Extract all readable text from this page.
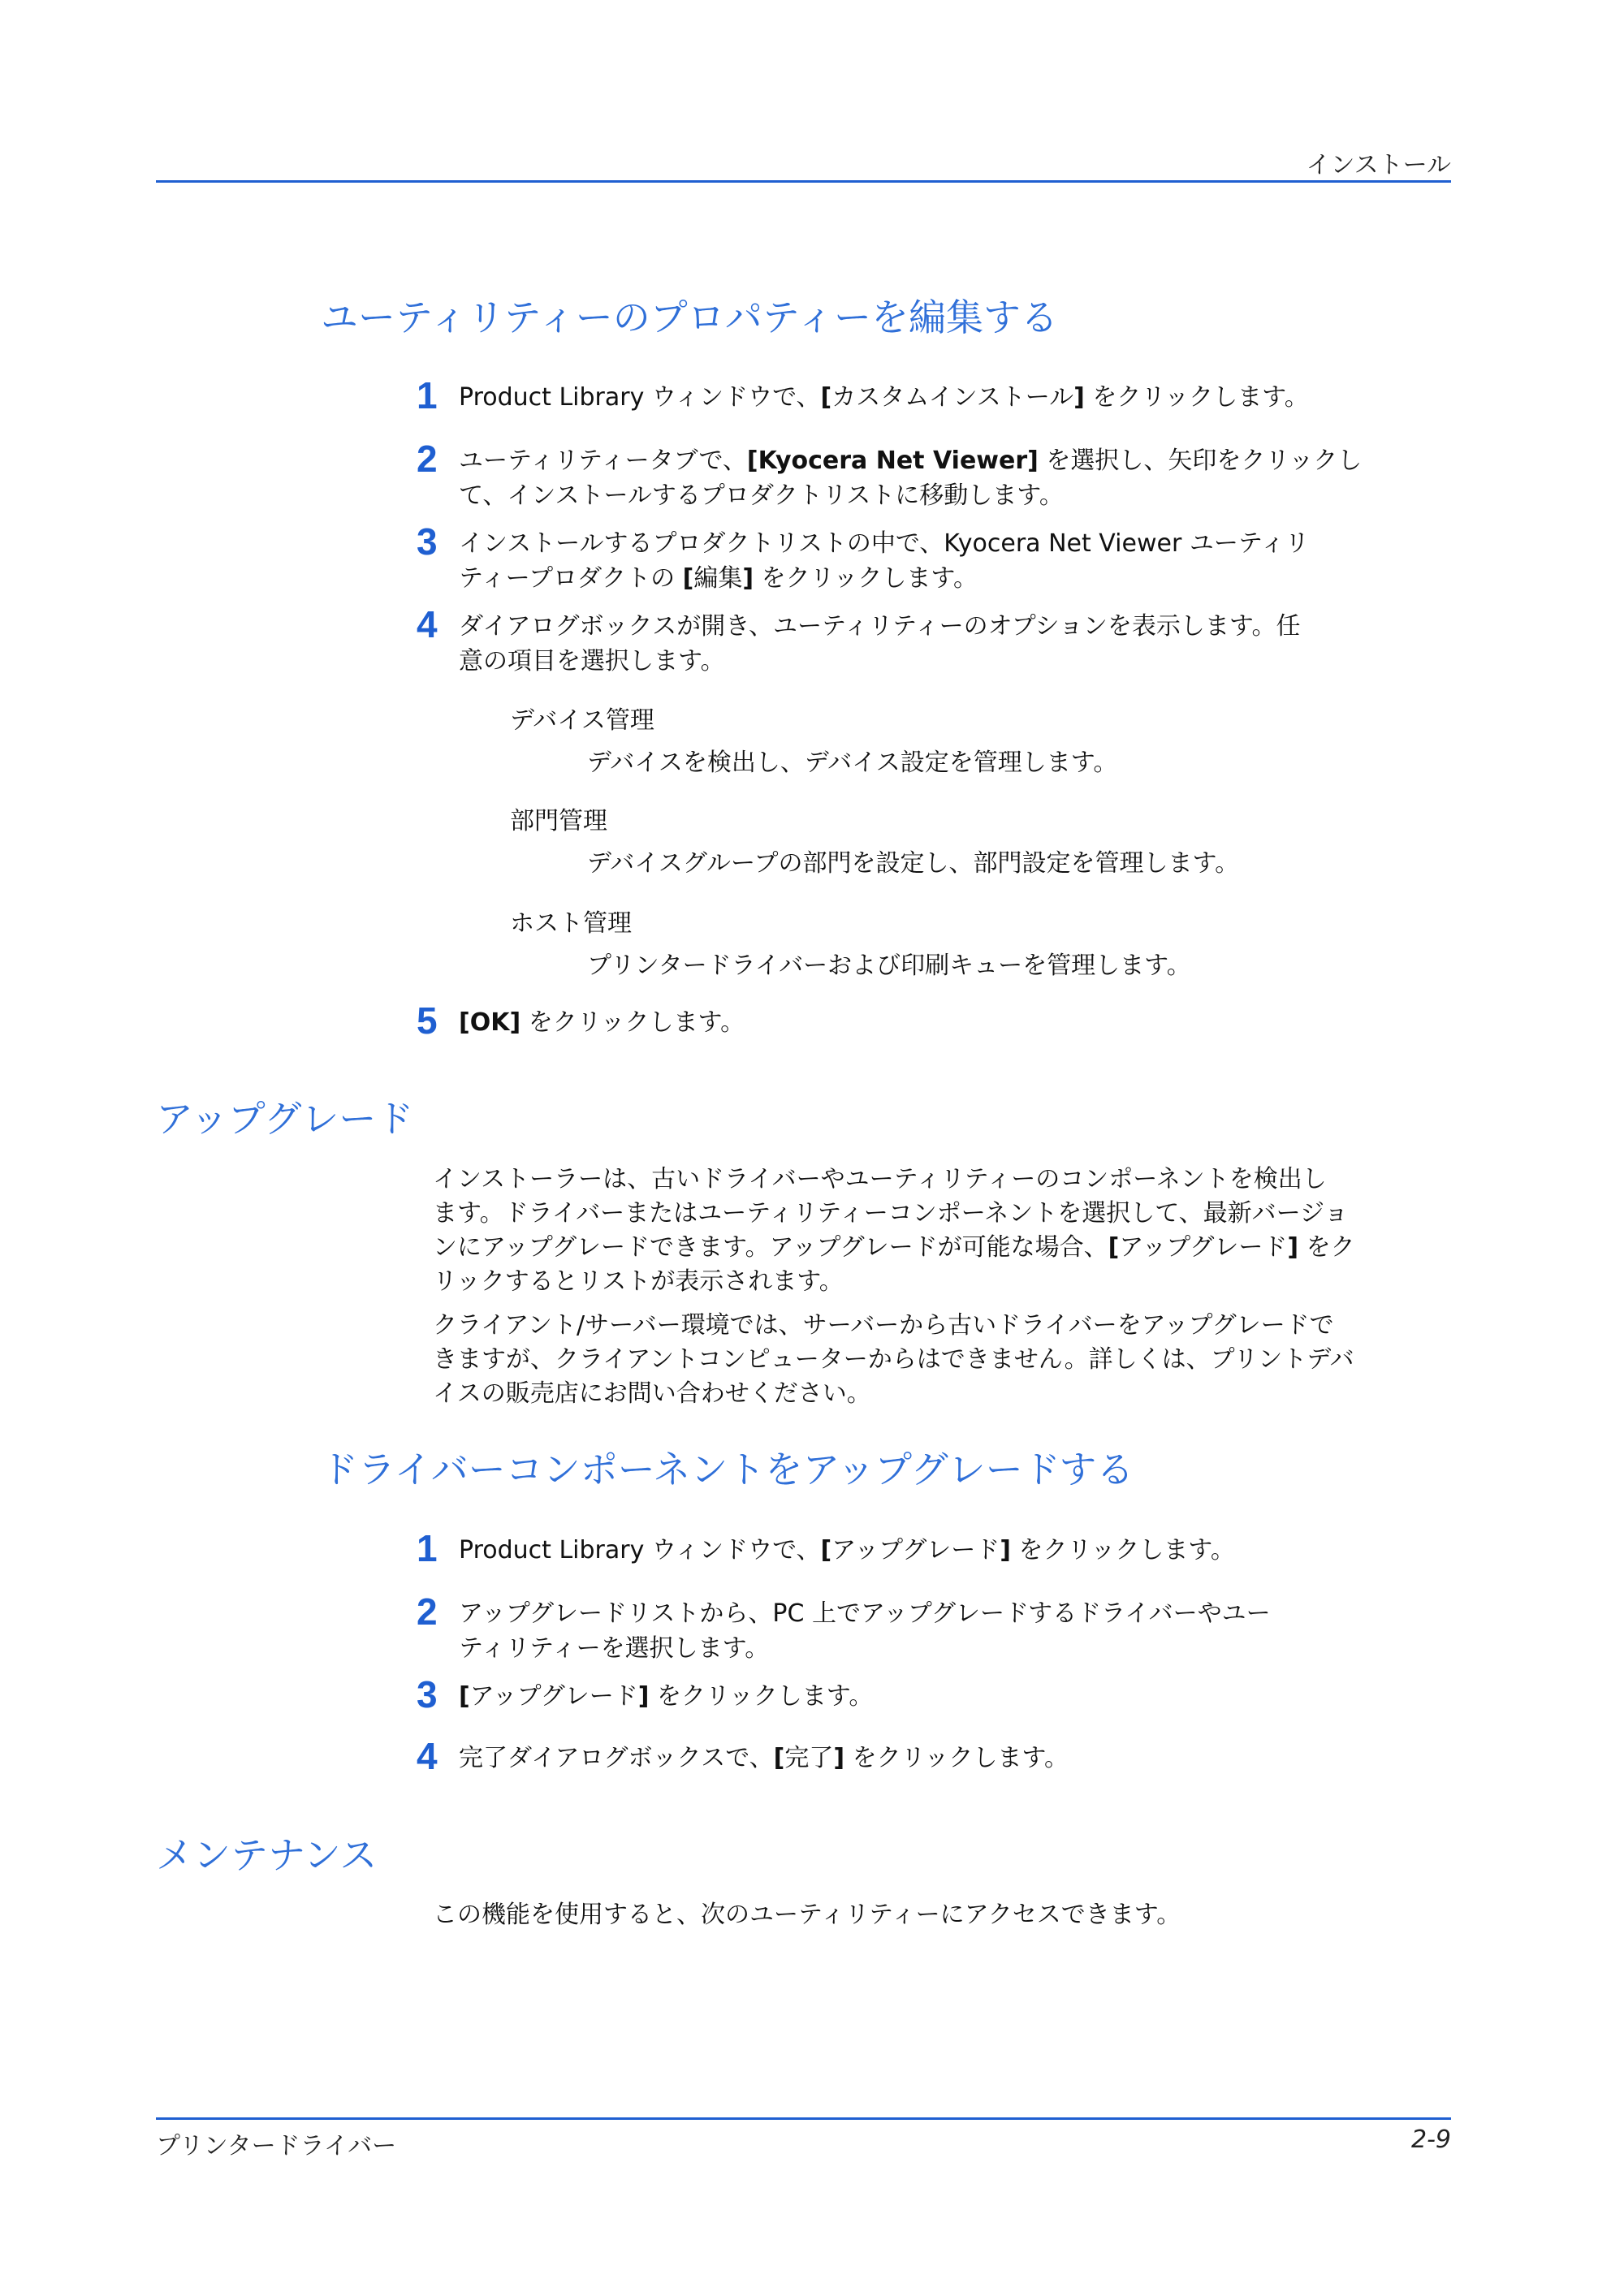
インストール
ユーティリティーのプロパティーを編集する
1 Product Library ウィンドウで、[カスタムインストール] をクリックします。
2 ユーティリティータブで、[Kyocera Net Viewer] を選択し、矢印をクリックし
て、インストールするプロダクトリストに移動します。
3 インストールするプロダクトリストの中で、Kyocera Net Viewer ユーティリ
ティープロダクトの [編集] をクリックします。
4 ダイアログボックスが開き、ユーティリティーのオプションを表示します。任
意の項目を選択します。
デバイス管理
デバイスを検出し、デバイス設定を管理します。
部門管理
デバイスグループの部門を設定し、部門設定を管理します。
ホスト管理
プリンタードライバーおよび印刷キューを管理します。
5 [OK] をクリックします。
アップグレード
インストーラーは、古いドライバーやユーティリティーのコンポーネントを検出し
ます。ドライバーまたはユーティリティーコンポーネントを選択して、最新バージョ
ンにアップグレードできます。アップグレードが可能な場合、[アップグレード] をク
リックするとリストが表示されます。
クライアント/サーバー環境では、サーバーから古いドライバーをアップグレードで
きますが、クライアントコンピューターからはできません。詳しくは、プリントデバ
イスの販売店にお問い合わせください。
ドライバーコンポーネントをアップグレードする
1 Product Library ウィンドウで、[アップグレード] をクリックします。
2 アップグレードリストから、PC 上でアップグレードするドライバーやユー
ティリティーを選択します。
3 [アップグレード] をクリックします。
4 完了ダイアログボックスで、[完了] をクリックします。
メンテナンス
この機能を使用すると、次のユーティリティーにアクセスできます。
プリンタードライバー	2-9
